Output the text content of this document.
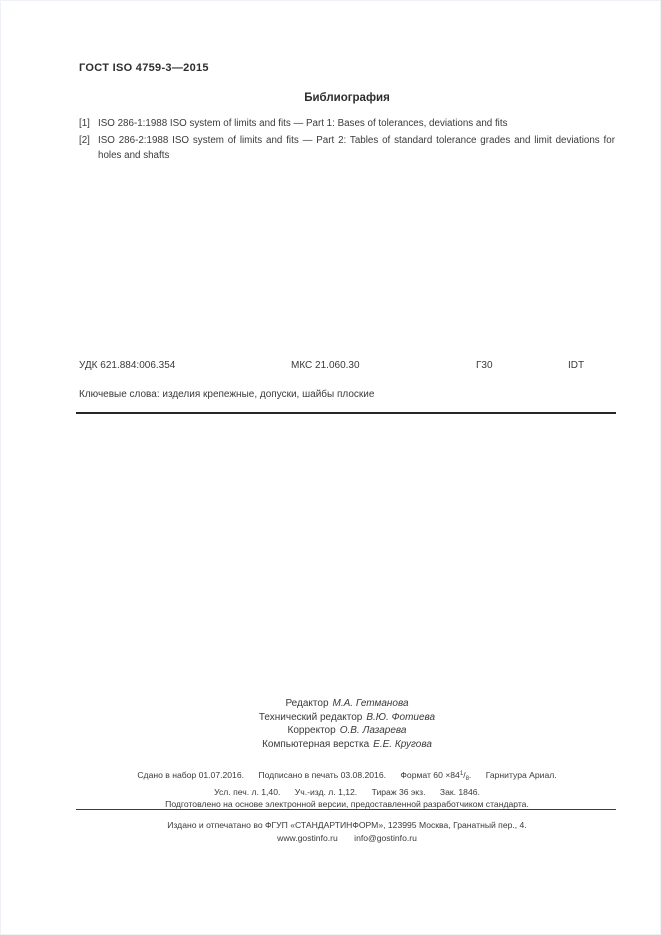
ГОСТ ISO 4759-3—2015
Библиография
[1] ISO 286-1:1988 ISO system of limits and fits — Part 1: Bases of tolerances, deviations and fits
[2] ISO 286-2:1988 ISO system of limits and fits — Part 2: Tables of standard tolerance grades and limit deviations for holes and shafts
УДК 621.884:006.354	МКС 21.060.30	Г30	IDT
Ключевые слова: изделия крепежные, допуски, шайбы плоские
Редактор М.А. Гетманова
Технический редактор В.Ю. Фотиева
Корректор О.В. Лазарева
Компьютерная верстка Е.Е. Кругова
Сдано в набор 01.07.2016. Подписано в печать 03.08.2016. Формат $60 \times 84^1/_8$. Гарнитура Ариал.
Усл. печ. л. 1,40. Уч.-изд. л. 1,12. Тираж 36 экз. Зак. 1846.
Подготовлено на основе электронной версии, предоставленной разработчиком стандарта.
Издано и отпечатано во ФГУП «СТАНДАРТИНФОРМ», 123995 Москва, Гранатный пер., 4.
www.gostinfo.ru info@gostinfo.ru
